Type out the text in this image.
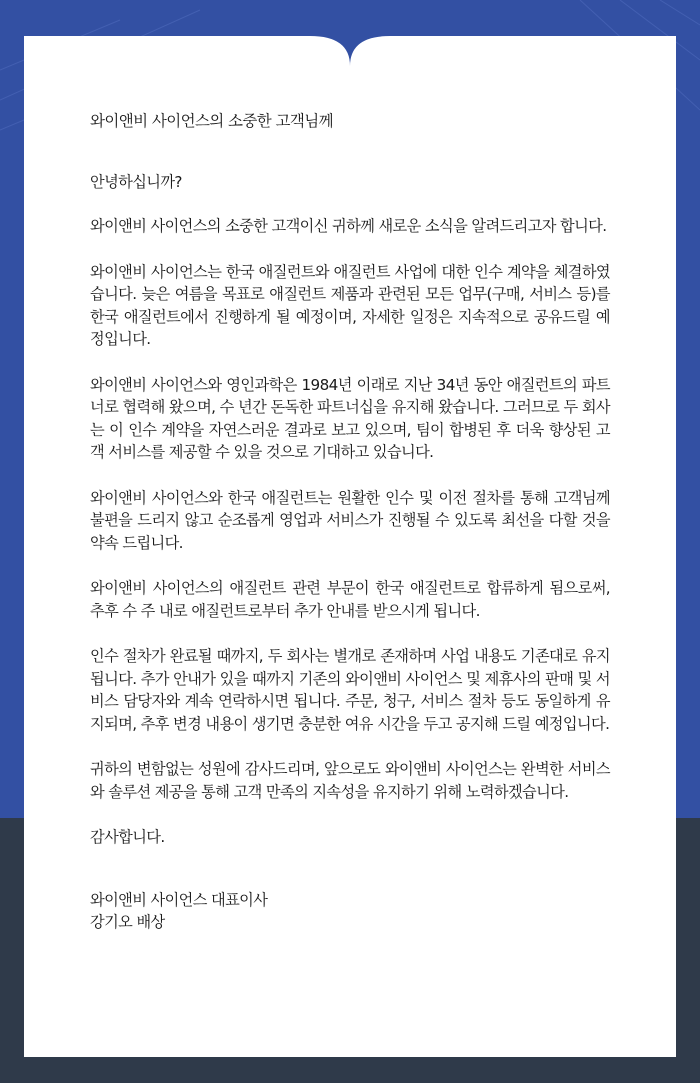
와이앤비 사이언스의 소중한 고객님께

안녕하십니까?

와이앤비 사이언스의 소중한 고객이신 귀하께 새로운 소식을 알려드리고자 합니다.

와이앤비 사이언스는 한국 애질런트와 애질런트 사업에 대한 인수 계약을 체결하였습니다. 늦은 여름을 목표로 애질런트 제품과 관련된 모든 업무(구매, 서비스 등)를 한국 애질런트에서 진행하게 될 예정이며, 자세한 일정은 지속적으로 공유드릴 예정입니다.

와이앤비 사이언스와 영인과학은 1984년 이래로 지난 34년 동안 애질런트의 파트너로 협력해 왔으며, 수 년간 돈독한 파트너십을 유지해 왔습니다. 그러므로 두 회사는 이 인수 계약을 자연스러운 결과로 보고 있으며, 팀이 합병된 후 더욱 향상된 고객 서비스를 제공할 수 있을 것으로 기대하고 있습니다.

와이앤비 사이언스와 한국 애질런트는 원활한 인수 및 이전 절차를 통해 고객님께 불편을 드리지 않고 순조롭게 영업과 서비스가 진행될 수 있도록 최선을 다할 것을 약속 드립니다.

와이앤비 사이언스의 애질런트 관련 부문이 한국 애질런트로 합류하게 됨으로써, 추후 수 주 내로 애질런트로부터 추가 안내를 받으시게 됩니다.

인수 절차가 완료될 때까지, 두 회사는 별개로 존재하며 사업 내용도 기존대로 유지됩니다. 추가 안내가 있을 때까지 기존의 와이앤비 사이언스 및 제휴사의 판매 및 서비스 담당자와 계속 연락하시면 됩니다. 주문, 청구, 서비스 절차 등도 동일하게 유지되며, 추후 변경 내용이 생기면 충분한 여유 시간을 두고 공지해 드릴 예정입니다.

귀하의 변함없는 성원에 감사드리며, 앞으로도 와이앤비 사이언스는 완벽한 서비스와 솔루션 제공을 통해 고객 만족의 지속성을 유지하기 위해 노력하겠습니다.

감사합니다.

와이앤비 사이언스 대표이사

강기오 배상
